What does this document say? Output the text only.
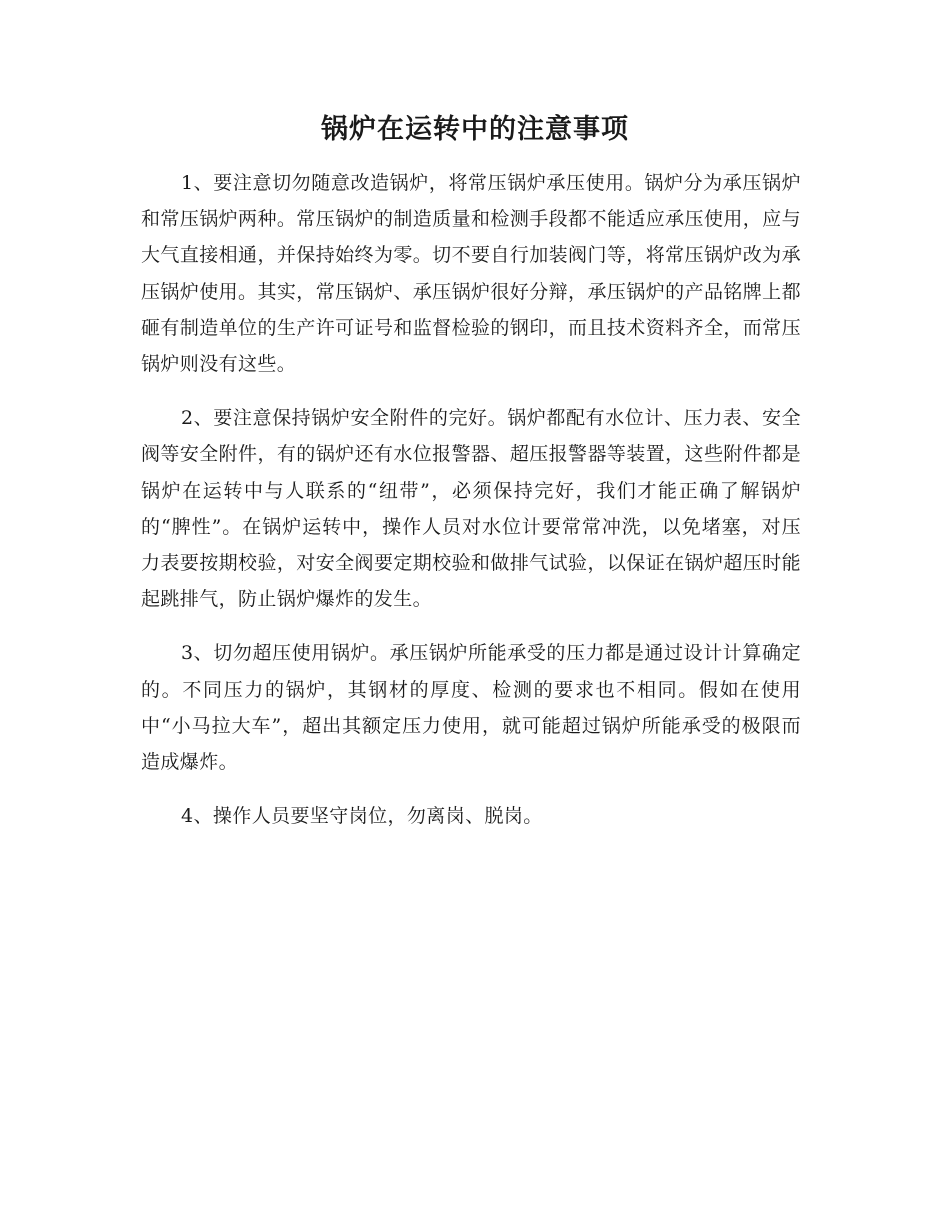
锅炉在运转中的注意事项

1、要注意切勿随意改造锅炉，将常压锅炉承压使用。锅炉分为承压锅炉和常压锅炉两种。常压锅炉的制造质量和检测手段都不能适应承压使用，应与大气直接相通，并保持始终为零。切不要自行加装阀门等，将常压锅炉改为承压锅炉使用。其实，常压锅炉、承压锅炉很好分辩，承压锅炉的产品铭牌上都砸有制造单位的生产许可证号和监督检验的钢印，而且技术资料齐全，而常压锅炉则没有这些。

2、要注意保持锅炉安全附件的完好。锅炉都配有水位计、压力表、安全阀等安全附件，有的锅炉还有水位报警器、超压报警器等装置，这些附件都是锅炉在运转中与人联系的“纽带”，必须保持完好，我们才能正确了解锅炉的“脾性”。在锅炉运转中，操作人员对水位计要常常冲洗，以免堵塞，对压力表要按期校验，对安全阀要定期校验和做排气试验，以保证在锅炉超压时能起跳排气，防止锅炉爆炸的发生。

3、切勿超压使用锅炉。承压锅炉所能承受的压力都是通过设计计算确定的。不同压力的锅炉，其钢材的厚度、检测的要求也不相同。假如在使用中“小马拉大车”，超出其额定压力使用，就可能超过锅炉所能承受的极限而造成爆炸。

4、操作人员要坚守岗位，勿离岗、脱岗。
